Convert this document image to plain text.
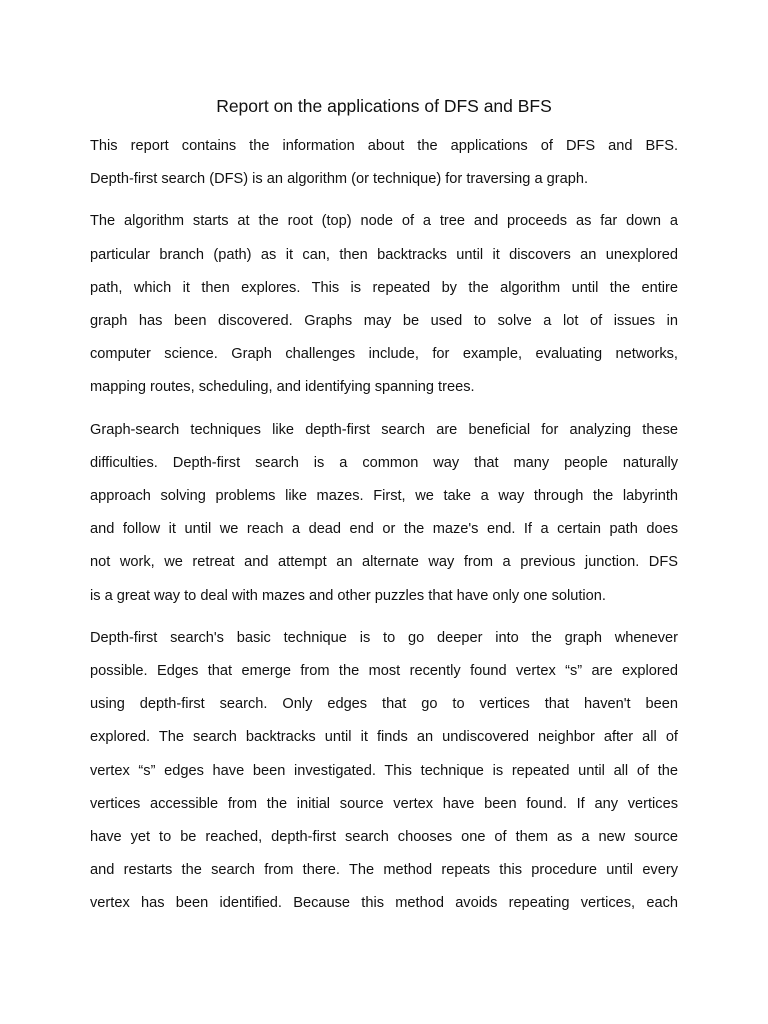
Report on the applications of DFS and BFS

This report contains the information about the applications of DFS and BFS.
Depth-first search (DFS) is an algorithm (or technique) for traversing a graph.

The algorithm starts at the root (top) node of a tree and proceeds as far down a
particular branch (path) as it can, then backtracks until it discovers an unexplored
path, which it then explores. This is repeated by the algorithm until the entire
graph has been discovered. Graphs may be used to solve a lot of issues in
computer science. Graph challenges include, for example, evaluating networks,
mapping routes, scheduling, and identifying spanning trees.

Graph-search techniques like depth-first search are beneficial for analyzing these
difficulties. Depth-first search is a common way that many people naturally
approach solving problems like mazes. First, we take a way through the labyrinth
and follow it until we reach a dead end or the maze's end. If a certain path does
not work, we retreat and attempt an alternate way from a previous junction. DFS
is a great way to deal with mazes and other puzzles that have only one solution.

Depth-first search's basic technique is to go deeper into the graph whenever
possible. Edges that emerge from the most recently found vertex “s” are explored
using depth-first search. Only edges that go to vertices that haven't been
explored. The search backtracks until it finds an undiscovered neighbor after all of
vertex “s” edges have been investigated. This technique is repeated until all of the
vertices accessible from the initial source vertex have been found. If any vertices
have yet to be reached, depth-first search chooses one of them as a new source
and restarts the search from there. The method repeats this procedure until every
vertex has been identified. Because this method avoids repeating vertices, each
